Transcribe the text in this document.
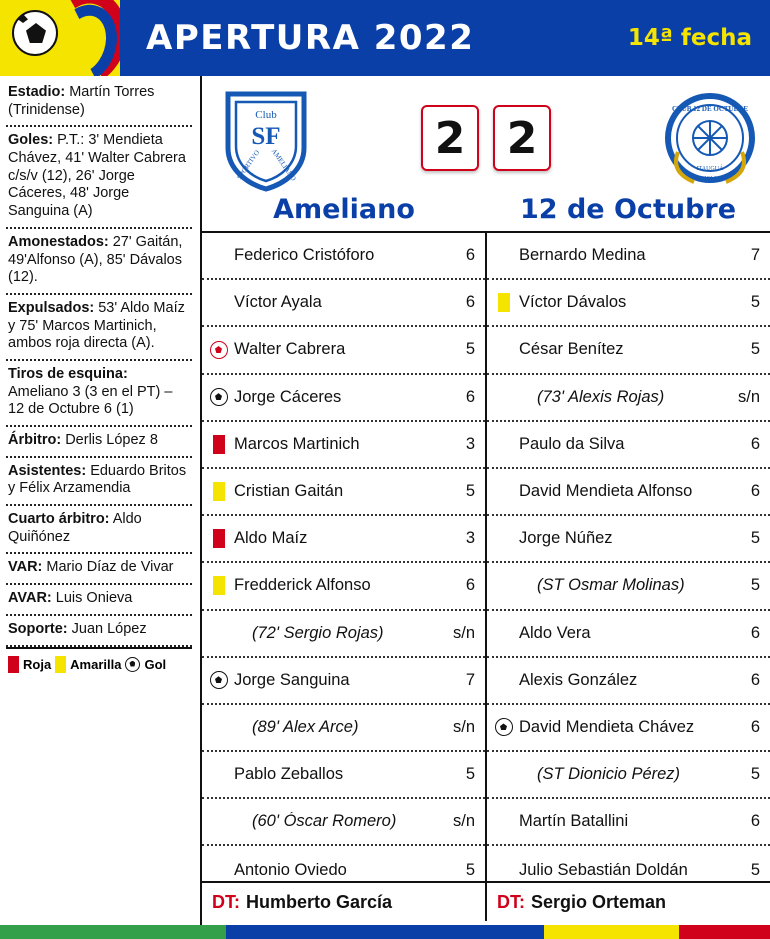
APERTURA 2022	14ª fecha
Estadio: Martín Torres (Trinidense)
Goles: P.T.: 3' Mendieta Chávez, 41' Walter Cabrera c/s/v (12), 26' Jorge Cáceres, 48' Jorge Sanguina (A)
Amonestados: 27' Gaitán, 49'Alfonso (A), 85' Dávalos (12).
Expulsados: 53' Aldo Maíz y 75' Marcos Martinich, ambos roja directa (A).
Tiros de esquina: Ameliano 3 (3 en el PT) – 12 de Octubre 6 (1)
Árbitro: Derlis López 8
Asistentes: Eduardo Britos y Félix Arzamendia
Cuarto árbitro: Aldo Quiñónez
VAR: Mario Díaz de Vivar
AVAR: Luis Onieva
Soporte: Juan López
Roja Amarilla Gol
Club
SF
SPORTIVO AMELIANO
2 2
CLUB 12 DE OCTUBRE
ITAUGUÁ
1914
Ameliano	12 de Octubre
Federico Cristóforo	6
Víctor Ayala	6
Walter Cabrera	5
Jorge Cáceres	6
Marcos Martinich	3
Cristian Gaitán	5
Aldo Maíz	3
Fredderick Alfonso	6
(72' Sergio Rojas)	s/n
Jorge Sanguina	7
(89' Alex Arce)	s/n
Pablo Zeballos	5
(60' Óscar Romero)	s/n
Antonio Oviedo	5
Bernardo Medina	7
Víctor Dávalos	5
César Benítez	5
(73' Alexis Rojas)	s/n
Paulo da Silva	6
David Mendieta Alfonso	6
Jorge Núñez	5
(ST Osmar Molinas)	5
Aldo Vera	6
Alexis González	6
David Mendieta Chávez	6
(ST Dionicio Pérez)	5
Martín Batallini	6
Julio Sebastián Doldán	5
DT: Humberto García	DT: Sergio Orteman
